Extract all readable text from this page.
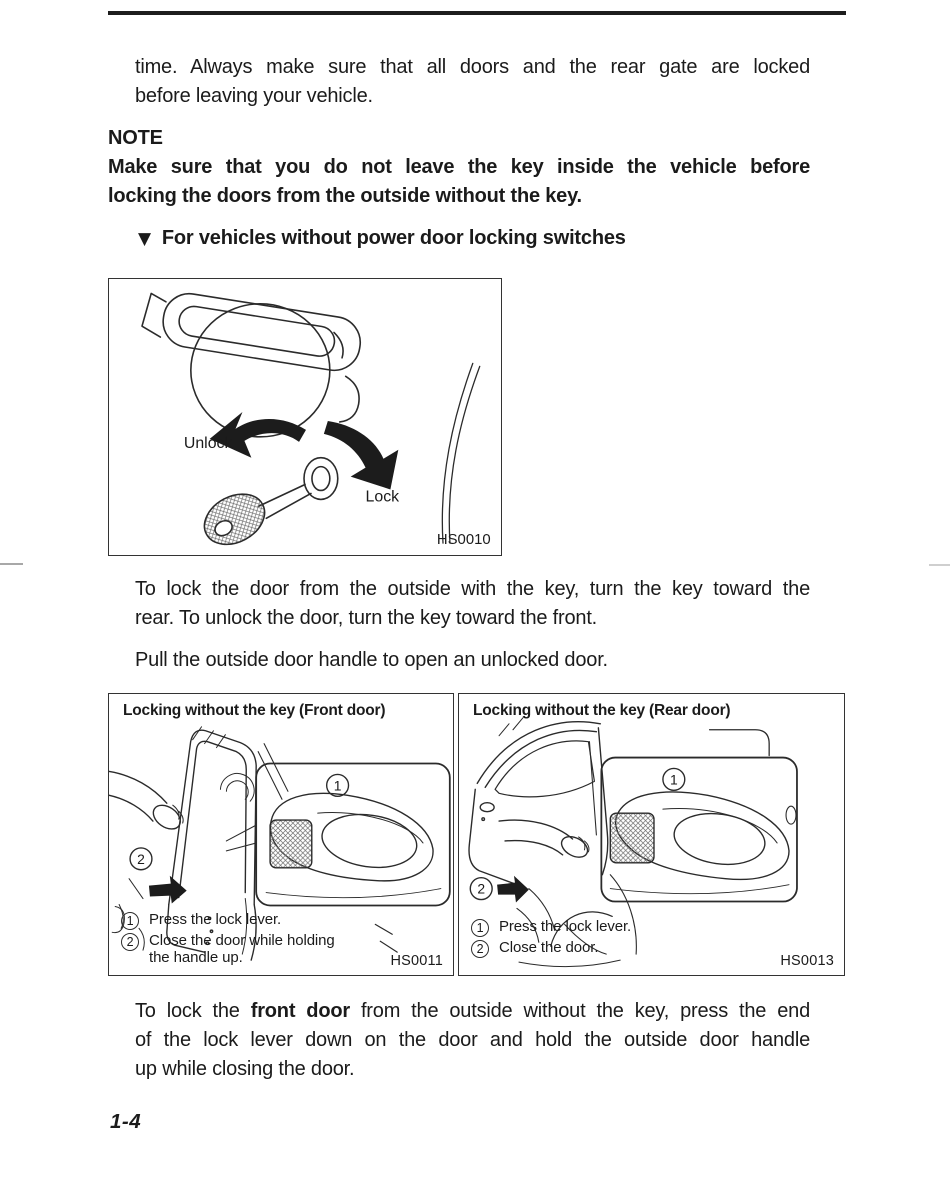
time. Always make sure that all doors and the rear gate are locked
before leaving your vehicle.
NOTE
Make sure that you do not leave the key inside the vehicle before
locking the doors from the outside without the key.
▼ For vehicles without power door locking switches
Unlock
Lock
HS0010
To lock the door from the outside with the key, turn the key toward the
rear. To unlock the door, turn the key toward the front.
Pull the outside door handle to open an unlocked door.
1
2
Locking without the key (Front door)
1	Press the lock lever.
2	Close the door while holding
the handle up.	HS0011
1
2
Locking without the key (Rear door)
1	Press the lock lever.
2	Close the door.
HS0013
To lock the front door from the outside without the key, press the end
of the lock lever down on the door and hold the outside door handle
up while closing the door.
1-4
